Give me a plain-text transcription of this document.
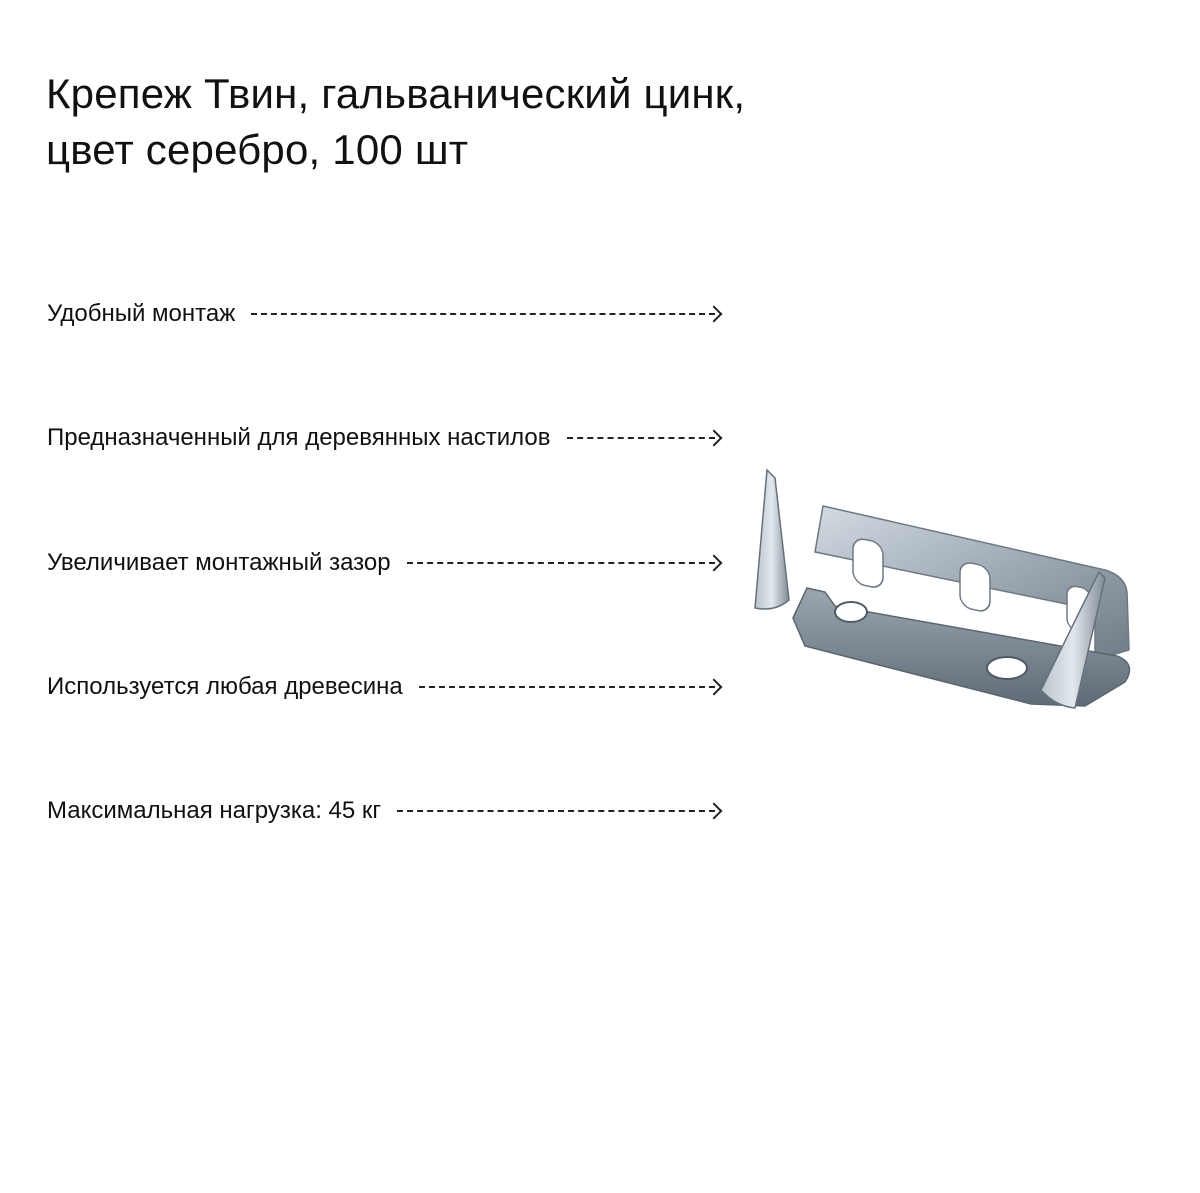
Крепеж Твин, гальванический цинк,
цвет серебро, 100 шт
Удобный монтаж
Предназначенный для деревянных настилов
Увеличивает монтажный зазор
Используется любая древесина
Максимальная нагрузка: 45 кг
